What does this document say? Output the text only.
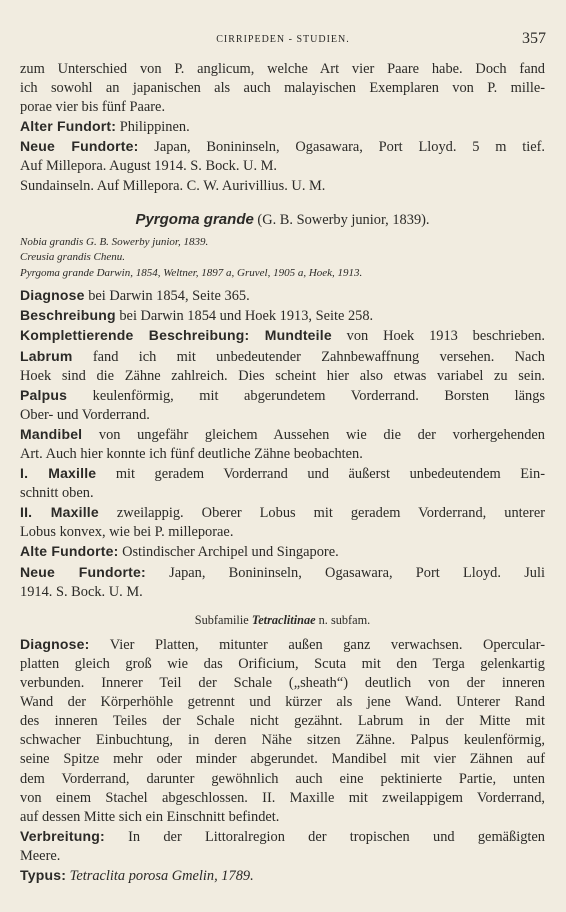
CIRRIPEDEN - STUDIEN.	357
zum Unterschied von P. anglicum, welche Art vier Paare habe. Doch fand
ich sowohl an japanischen als auch malayischen Exemplaren von P. mille-
porae vier bis fünf Paare.
Alter Fundort: Philippinen.
Neue Fundorte: Japan, Bonininseln, Ogasawara, Port Lloyd. 5 m tief.
Auf Millepora. August 1914. S. Bock. U. M.
Sundainseln. Auf Millepora. C. W. Aurivillius. U. M.
Pyrgoma grande (G. B. Sowerby junior, 1839).
Nobia grandis G. B. Sowerby junior, 1839.
Creusia grandis Chenu.
Pyrgoma grande Darwin, 1854, Weltner, 1897 a, Gruvel, 1905 a, Hoek, 1913.
Diagnose bei Darwin 1854, Seite 365.
Beschreibung bei Darwin 1854 und Hoek 1913, Seite 258.
Komplettierende Beschreibung: Mundteile von Hoek 1913 beschrieben.
Labrum fand ich mit unbedeutender Zahnbewaffnung versehen. Nach
Hoek sind die Zähne zahlreich. Dies scheint hier also etwas variabel zu sein.
Palpus keulenförmig, mit abgerundetem Vorderrand. Borsten längs
Ober- und Vorderrand.
Mandibel von ungefähr gleichem Aussehen wie die der vorhergehenden
Art. Auch hier konnte ich fünf deutliche Zähne beobachten.
I. Maxille mit geradem Vorderrand und äußerst unbedeutendem Ein-
schnitt oben.
II. Maxille zweilappig. Oberer Lobus mit geradem Vorderrand, unterer
Lobus konvex, wie bei P. milleporae.
Alte Fundorte: Ostindischer Archipel und Singapore.
Neue Fundorte: Japan, Bonininseln, Ogasawara, Port Lloyd. Juli
1914. S. Bock. U. M.
Subfamilie Tetraclitinae n. subfam.
Diagnose: Vier Platten, mitunter außen ganz verwachsen. Opercular-
platten gleich groß wie das Orificium, Scuta mit den Terga gelenkartig
verbunden. Innerer Teil der Schale („sheath“) deutlich von der inneren
Wand der Körperhöhle getrennt und kürzer als jene Wand. Unterer Rand
des inneren Teiles der Schale nicht gezähnt. Labrum in der Mitte mit
schwacher Einbuchtung, in deren Nähe sitzen Zähne. Palpus keulenförmig,
seine Spitze mehr oder minder abgerundet. Mandibel mit vier Zähnen auf
dem Vorderrand, darunter gewöhnlich auch eine pektinierte Partie, unten
von einem Stachel abgeschlossen. II. Maxille mit zweilappigem Vorderrand,
auf dessen Mitte sich ein Einschnitt befindet.
Verbreitung: In der Littoralregion der tropischen und gemäßigten
Meere.
Typus: Tetraclita porosa Gmelin, 1789.
